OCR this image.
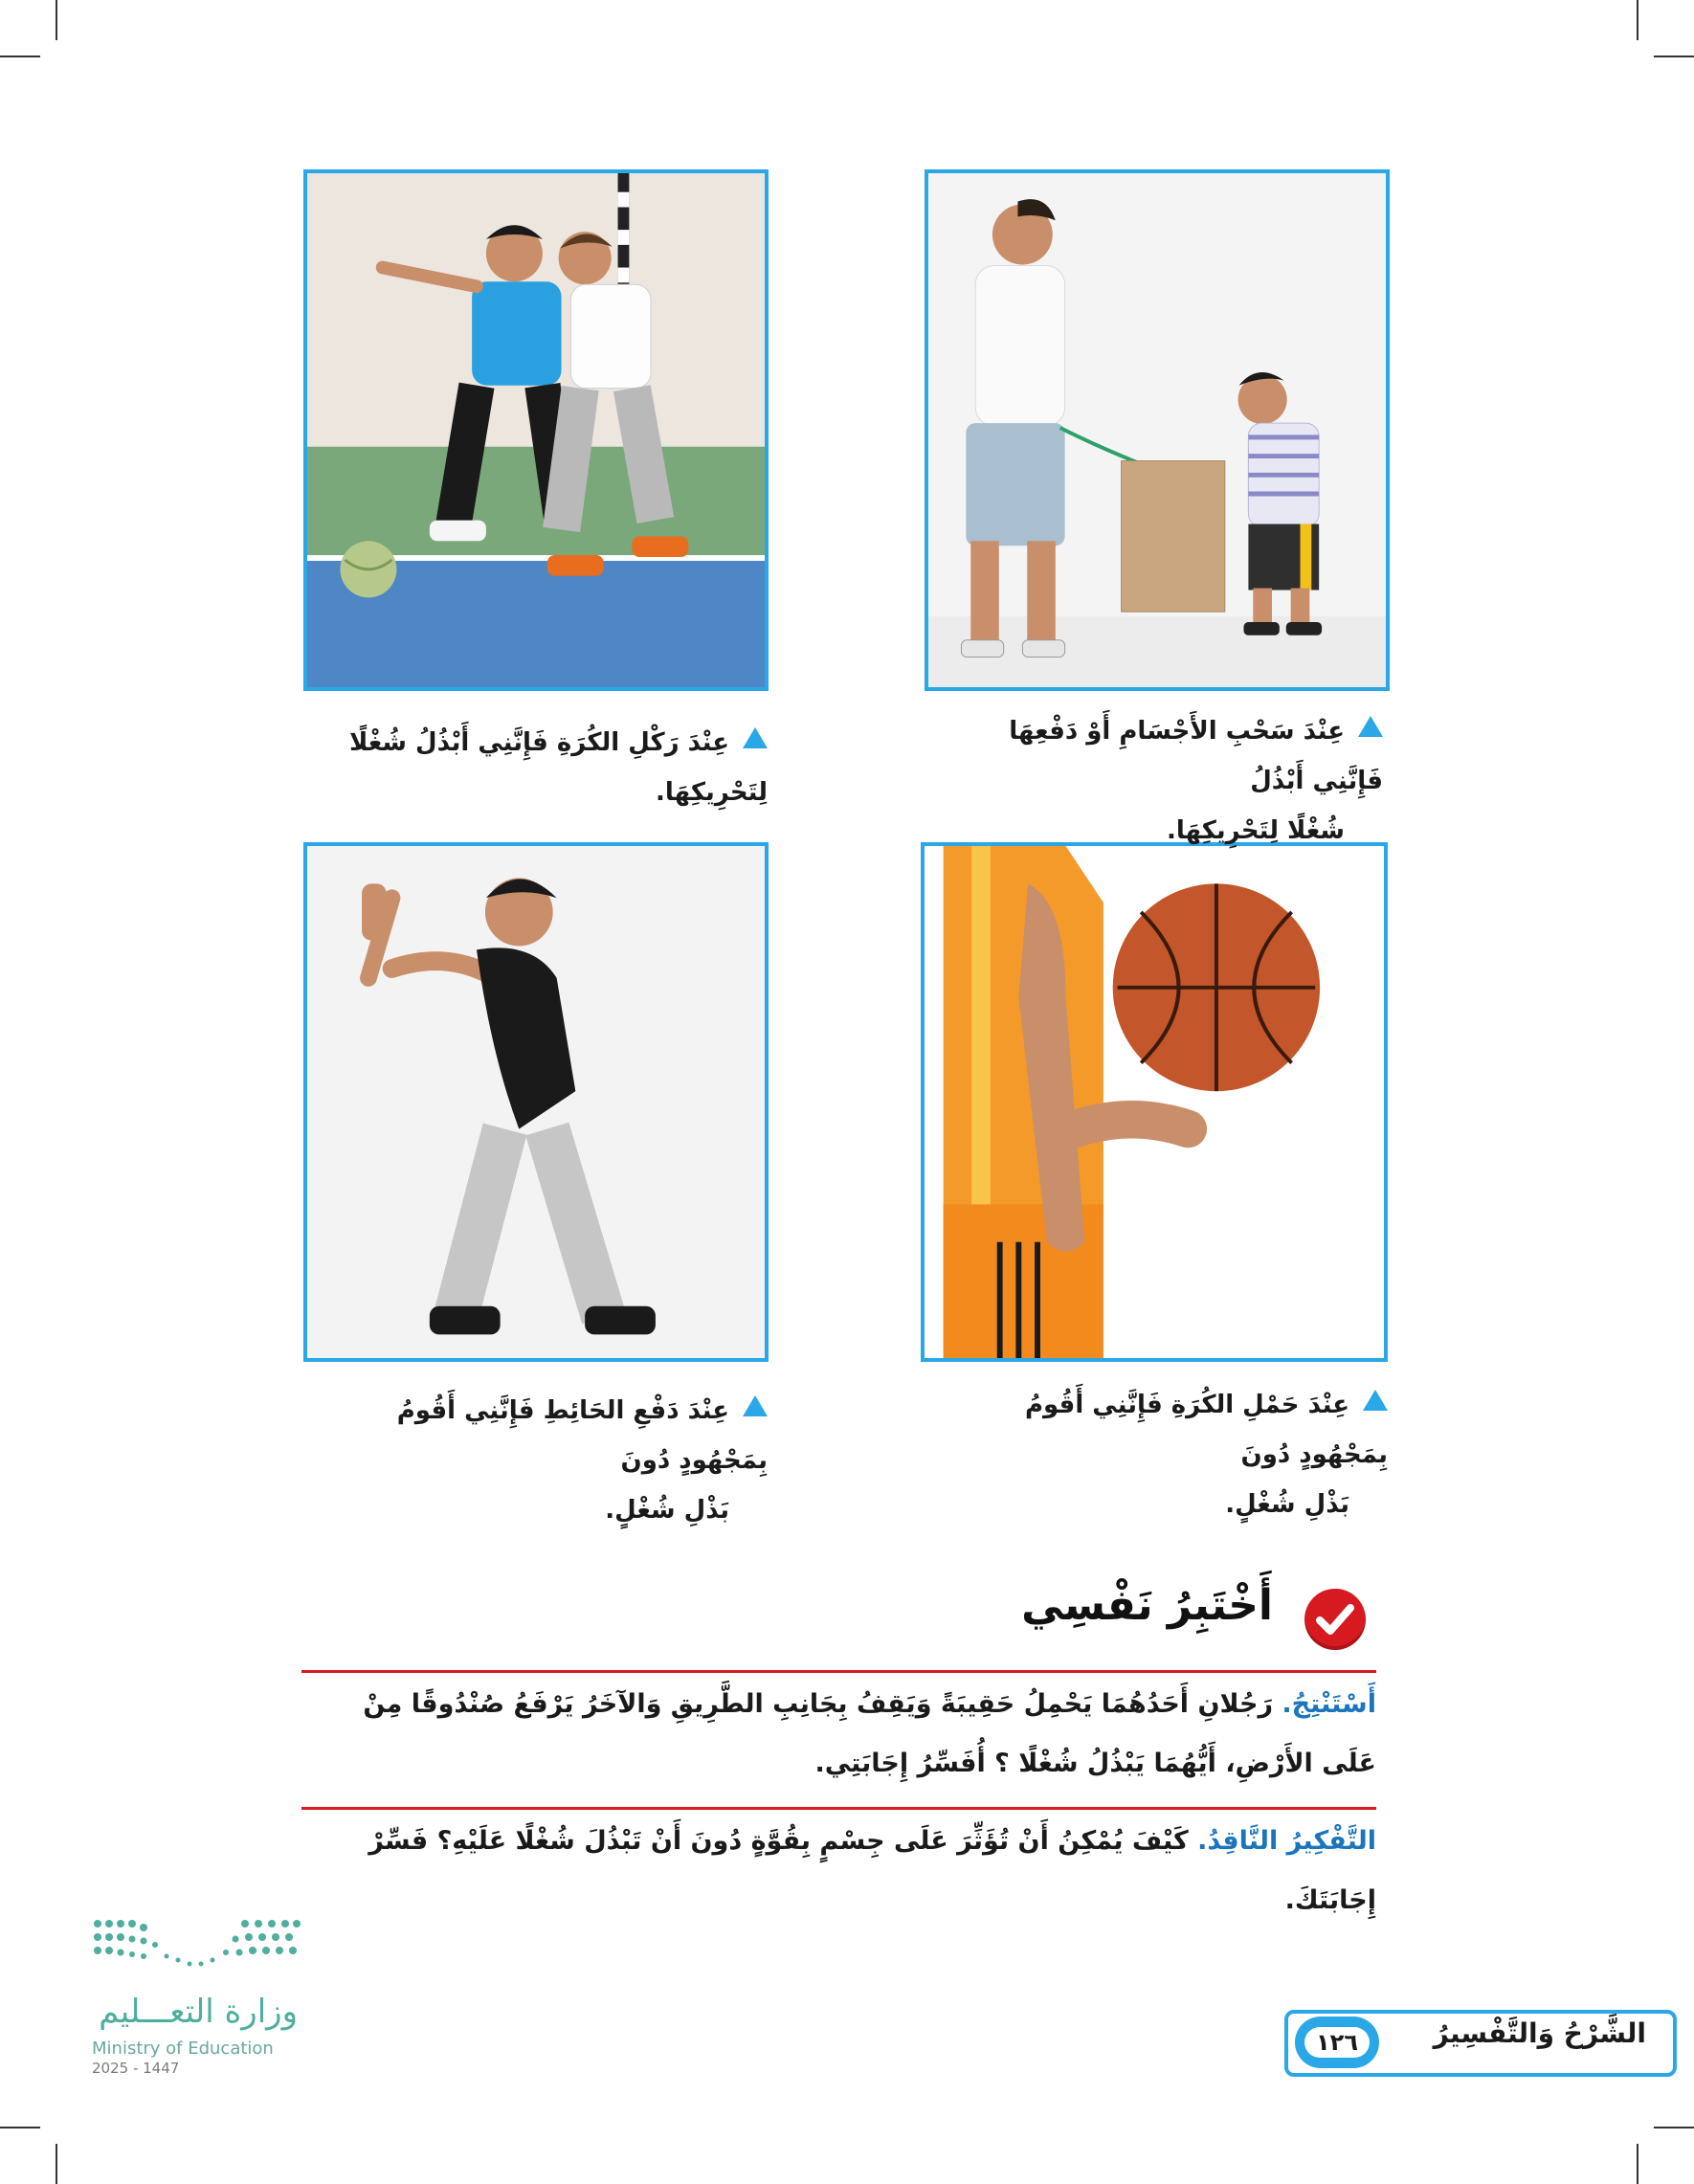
عِنْدَ سَحْبِ الأَجْسَامِ أَوْ دَفْعِهَا فَإِنَّنِي أَبْذُلُ
شُغْلًا لِتَحْرِيكِهَا.
عِنْدَ رَكْلِ الكُرَةِ فَإِنَّنِي أَبْذُلُ شُغْلًا لِتَحْرِيكِهَا.
عِنْدَ حَمْلِ الكُرَةِ فَإِنَّنِي أَقُومُ بِمَجْهُودٍ دُونَ
بَذْلِ شُغْلٍ.
عِنْدَ دَفْعِ الحَائِطِ فَإِنَّنِي أَقُومُ بِمَجْهُودٍ دُونَ
بَذْلِ شُغْلٍ.
أَخْتَبِرُ نَفْسِي
أَسْتَنْتِجُ. رَجُلانِ أَحَدُهُمَا يَحْمِلُ حَقِيبَةً وَيَقِفُ بِجَانِبِ الطَّرِيقِ وَالآخَرُ يَرْفَعُ صُنْدُوقًا مِنْ عَلَى الأَرْضِ، أَيُّهُمَا يَبْذُلُ شُغْلًا ؟ أُفَسِّرُ إِجَابَتِي.
التَّفْكِيرُ النَّاقِدُ. كَيْفَ يُمْكِنُ أَنْ تُؤَثِّرَ عَلَى جِسْمٍ بِقُوَّةٍ دُونَ أَنْ تَبْذُلَ شُغْلًا عَلَيْهِ؟ فَسِّرْ إِجَابَتَكَ.
وزارة التعـــليم
Ministry of Education
2025 - 1447
الشَّرْحُ وَالتَّفْسِيرُ
١٢٦
